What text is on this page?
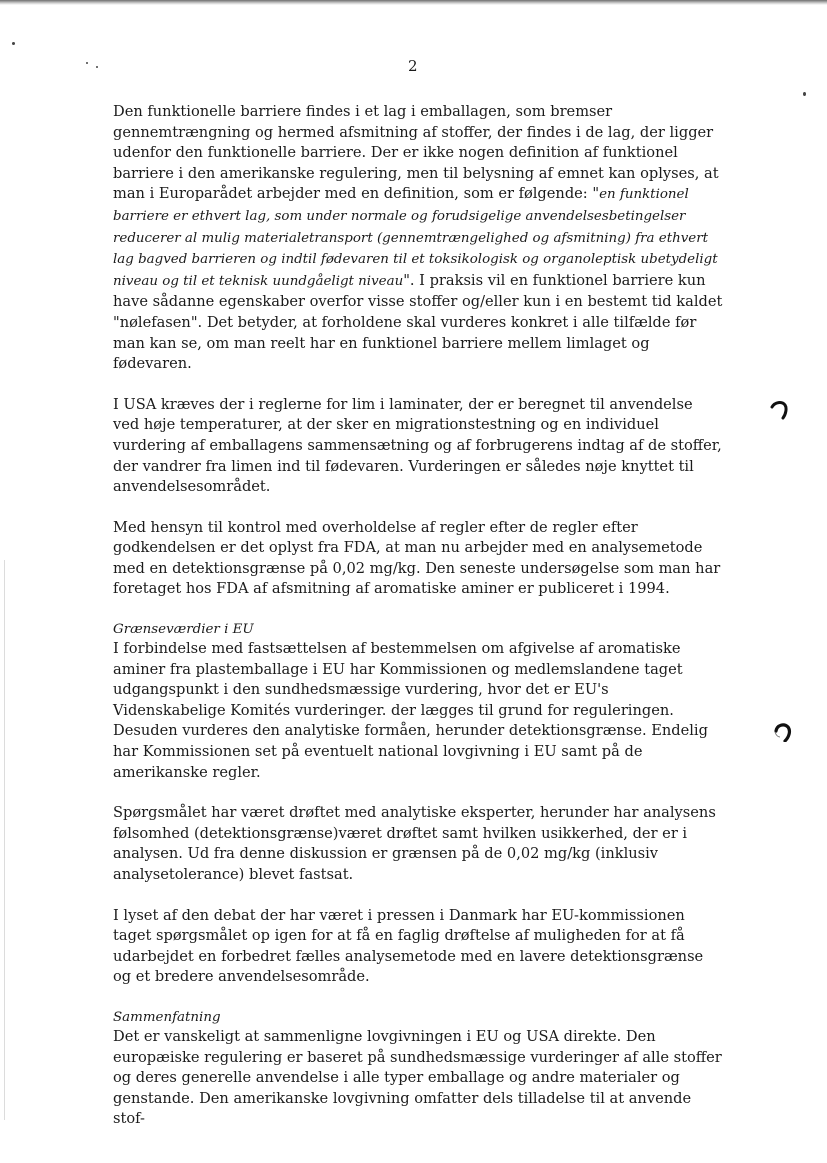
2

Den funktionelle barriere findes i et lag i emballagen, som bremser gennemtrængning og hermed afsmitning af stoffer, der findes i de lag, der ligger udenfor den funktionelle barriere. Der er ikke nogen definition af funktionel barriere i den amerikanske regulering, men til belysning af emnet kan oplyses, at man i Europarådet arbejder med en definition, som er følgende: "en funktionel barriere er ethvert lag, som under normale og forudsigelige anvendelsesbetingelser reducerer al mulig materialetransport (gennemtrængelighed og afsmitning) fra ethvert lag bagved barrieren og indtil fødevaren til et toksikologisk og organoleptisk ubetydeligt niveau og til et teknisk uundgåeligt niveau". I praksis vil en funktionel barriere kun have sådanne egenskaber overfor visse stoffer og/eller kun i en bestemt tid kaldet "nølefasen". Det betyder, at forholdene skal vurderes konkret i alle tilfælde før man kan se, om man reelt har en funktionel barriere mellem limlaget og fødevaren.

I USA kræves der i reglerne for lim i laminater, der er beregnet til anvendelse ved høje temperaturer, at der sker en migrationstestning og en individuel vurdering af emballagens sammensætning og af forbrugerens indtag af de stoffer, der vandrer fra limen ind til fødevaren. Vurderingen er således nøje knyttet til anvendelsesområdet.

Med hensyn til kontrol med overholdelse af regler efter de regler efter godkendelsen er det oplyst fra FDA, at man nu arbejder med en analysemetode med en detektionsgrænse på 0,02 mg/kg. Den seneste undersøgelse som man har foretaget hos FDA af afsmitning af aromatiske aminer er publiceret i 1994.

Grænseværdier i EU

I forbindelse med fastsættelsen af bestemmelsen om afgivelse af aromatiske aminer fra plastemballage i EU har Kommissionen og medlemslandene taget udgangspunkt i den sundhedsmæssige vurdering, hvor det er EU's Videnskabelige Komités vurderinger. der lægges til grund for reguleringen. Desuden vurderes den analytiske formåen, herunder detektionsgrænse. Endelig har Kommissionen set på eventuelt national lovgivning i EU samt på de amerikanske regler.

Spørgsmålet har været drøftet med analytiske eksperter, herunder har analysens følsomhed (detektionsgrænse)været drøftet samt hvilken usikkerhed, der er i analysen. Ud fra denne diskussion er grænsen på de 0,02 mg/kg (inklusiv analysetolerance) blevet fastsat.

I lyset af den debat der har været i pressen i Danmark har EU-kommissionen taget spørgsmålet op igen for at få en faglig drøftelse af muligheden for at få udarbejdet en forbedret fælles analysemetode med en lavere detektionsgrænse og et bredere anvendelsesområde.

Sammenfatning

Det er vanskeligt at sammenligne lovgivningen i EU og USA direkte. Den europæiske regulering er baseret på sundhedsmæssige vurderinger af alle stoffer og deres generelle anvendelse i alle typer emballage og andre materialer og genstande. Den amerikanske lovgivning omfatter dels tilladelse til at anvende stof-
